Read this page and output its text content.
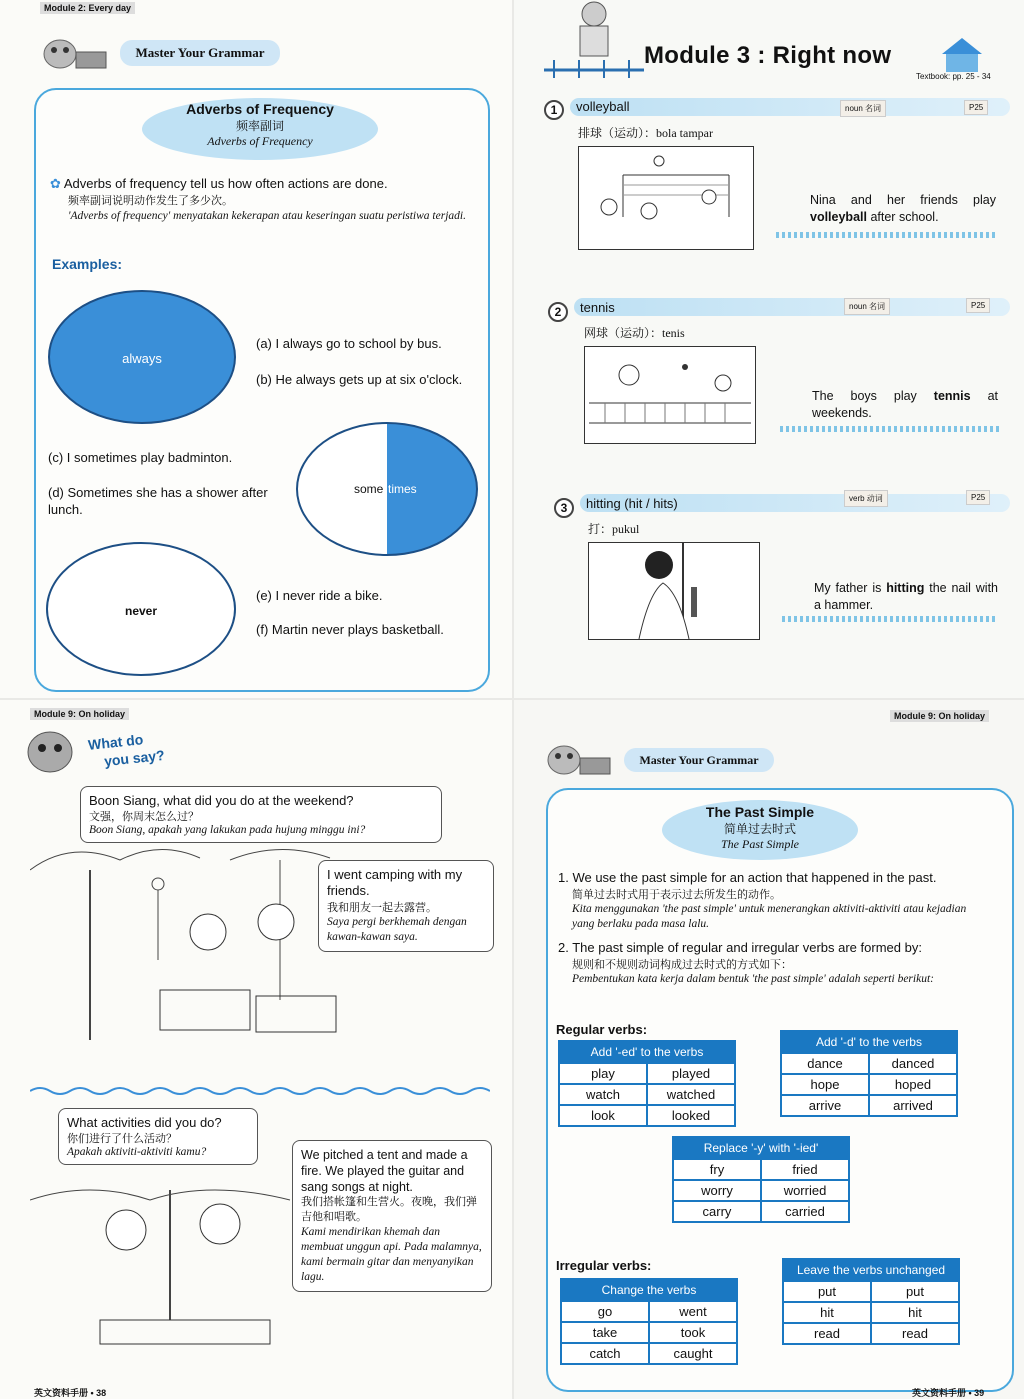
Module 2: Every day
Master Your Grammar
Adverbs of Frequency
频率副词
Adverbs of Frequency
✿ Adverbs of frequency tell us how often actions are done.
频率副词说明动作发生了多少次。
'Adverbs of frequency' menyatakan kekerapan atau keseringan suatu peristiwa terjadi.
Examples:
always
(a) I always go to school by bus.
(b) He always gets up at six o'clock.
(c) I sometimes play badminton.
(d) Sometimes she has a shower after lunch.
some times
never
(e) I never ride a bike.
(f) Martin never plays basketball.
Module 3 : Right now
Textbook: pp. 25 - 34
1	volleyball	noun 名词	P25
排球（运动）：bola tampar
Nina and her friends play volleyball after school.
2	tennis	noun 名词	P25
网球（运动）：tenis
The boys play tennis at weekends.
3	hitting (hit / hits)	verb 动词	P25
打：pukul
My father is hitting the nail with a hammer.
Module 9: On holiday
What do
you say?
Boon Siang, what did you do at the weekend?
文强，你周末怎么过？
Boon Siang, apakah yang lakukan pada hujung minggu ini?
I went camping with my friends.
我和朋友一起去露营。
Saya pergi berkhemah dengan kawan-kawan saya.
What activities did you do?
你们进行了什么活动？
Apakah aktiviti-aktiviti kamu?	We pitched a tent and made a fire. We played the guitar and sang songs at night.
我们搭帐篷和生营火。夜晚，我们弹吉他和唱歌。
Kami mendirikan khemah dan membuat unggun api. Pada malamnya, kami bermain gitar dan menyanyikan lagu.
英文资料手册 • 38
Module 9: On holiday
Master Your Grammar
The Past Simple
简单过去时式
The Past Simple
1. We use the past simple for an action that happened in the past.
简单过去时式用于表示过去所发生的动作。
Kita menggunakan 'the past simple' untuk menerangkan aktiviti-aktiviti atau kejadian yang berlaku pada masa lalu.
2. The past simple of regular and irregular verbs are formed by:
规则和不规则动词构成过去时式的方式如下：
Pembentukan kata kerja dalam bentuk 'the past simple' adalah seperti berikut:
Regular verbs:
Irregular verbs:
Add '-ed' to the verbs	
play	played
watch	watched
look	looked
Add '-d' to the verbs	
dance	danced
hope	hoped
arrive	arrived
Replace '-y' with '-ied'	
fry	fried
worry	worried
carry	carried
Change the verbs	
go	went
take	took
catch	caught
Leave the verbs unchanged	
put	put
hit	hit
read	read
英文资料手册 • 39
